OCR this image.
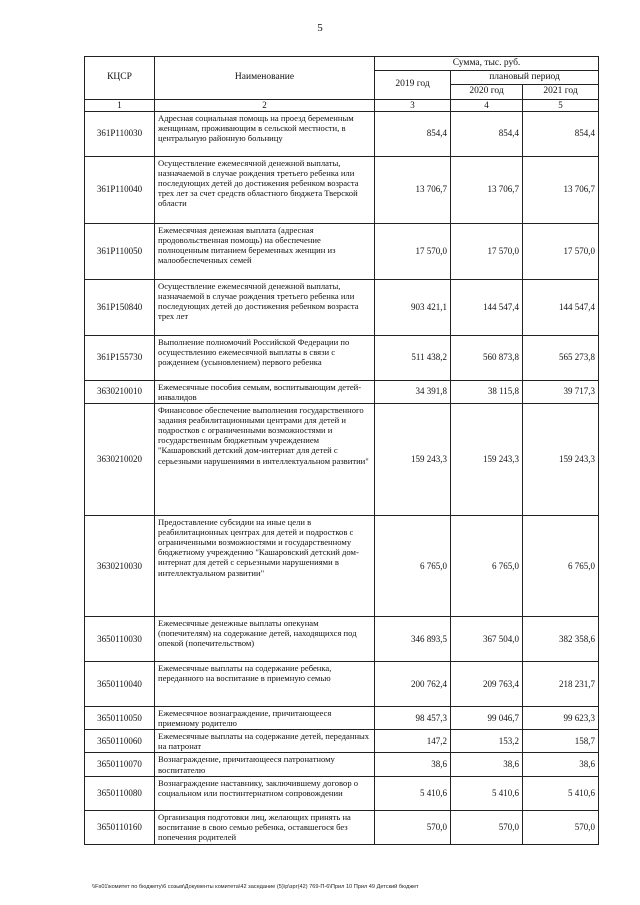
5
КЦСР	Наименование	Сумма, тыс. руб.		
		2019 год	плановый период	
			2020 год	2021 год
1	2	3	4	5
361Р110030	Адресная социальная помощь на проезд беременным женщинам, проживающим в сельской местности, в центральную районную больницу	854,4	854,4	854,4
361Р110040	Осуществление ежемесячной денежной выплаты, назначаемой в случае рождения третьего ребенка или последующих детей до достижения ребенком возраста трех лет за счет средств областного бюджета Тверской области	13 706,7	13 706,7	13 706,7
361Р110050	Ежемесячная денежная выплата (адресная продовольственная помощь) на обеспечение полноценным питанием беременных женщин из малообеспеченных семей	17 570,0	17 570,0	17 570,0
361Р150840	Осуществление ежемесячной денежной выплаты, назначаемой в случае рождения третьего ребенка или последующих детей до достижения ребенком возраста трех лет	903 421,1	144 547,4	144 547,4
361Р155730	Выполнение полномочий Российской Федерации по осуществлению ежемесячной выплаты в связи с рождением (усыновлением) первого ребенка	511 438,2	560 873,8	565 273,8
3630210010	Ежемесячные пособия семьям, воспитывающим детей-инвалидов	34 391,8	38 115,8	39 717,3
3630210020	Финансовое обеспечение выполнения государственного задания реабилитационными центрами для детей и подростков с ограниченными возможностями и государственным бюджетным учреждением "Кашаровский детский дом-интернат для детей с серьезными нарушениями в интеллектуальном развитии"	159 243,3	159 243,3	159 243,3
3630210030	Предоставление субсидии на иные цели в реабилитационных центрах для детей и подростков с ограниченными возможностями и государственному бюджетному учреждению "Кашаровский детский дом-интернат для детей с серьезными нарушениями в интеллектуальном развитии"	6 765,0	6 765,0	6 765,0
3650110030	Ежемесячные денежные выплаты опекунам (попечителям) на содержание детей, находящихся под опекой (попечительством)	346 893,5	367 504,0	382 358,6
3650110040	Ежемесячные выплаты на содержание ребенка, переданного на воспитание в приемную семью	200 762,4	209 763,4	218 231,7
3650110050	Ежемесячное вознаграждение, причитающееся приемному родителю	98 457,3	99 046,7	99 623,3
3650110060	Ежемесячные выплаты на содержание детей, переданных на патронат	147,2	153,2	158,7
3650110070	Вознаграждение, причитающееся патронатному воспитателю	38,6	38,6	38,6
3650110080	Вознаграждение наставнику, заключившему договор о социальном или постинтернатном сопровождении	5 410,6	5 410,6	5 410,6
3650110160	Организация подготовки лиц, желающих принять на воспитание в свою семью ребенка, оставшегося без попечения родителей	570,0	570,0	570,0
\\Fs01\комитет по бюджету\6 созыв\Документы комитета\42 заседание (5)\р\зрг(42) 769-П-6\Прил 10 Прил 49 Детский бюджет
